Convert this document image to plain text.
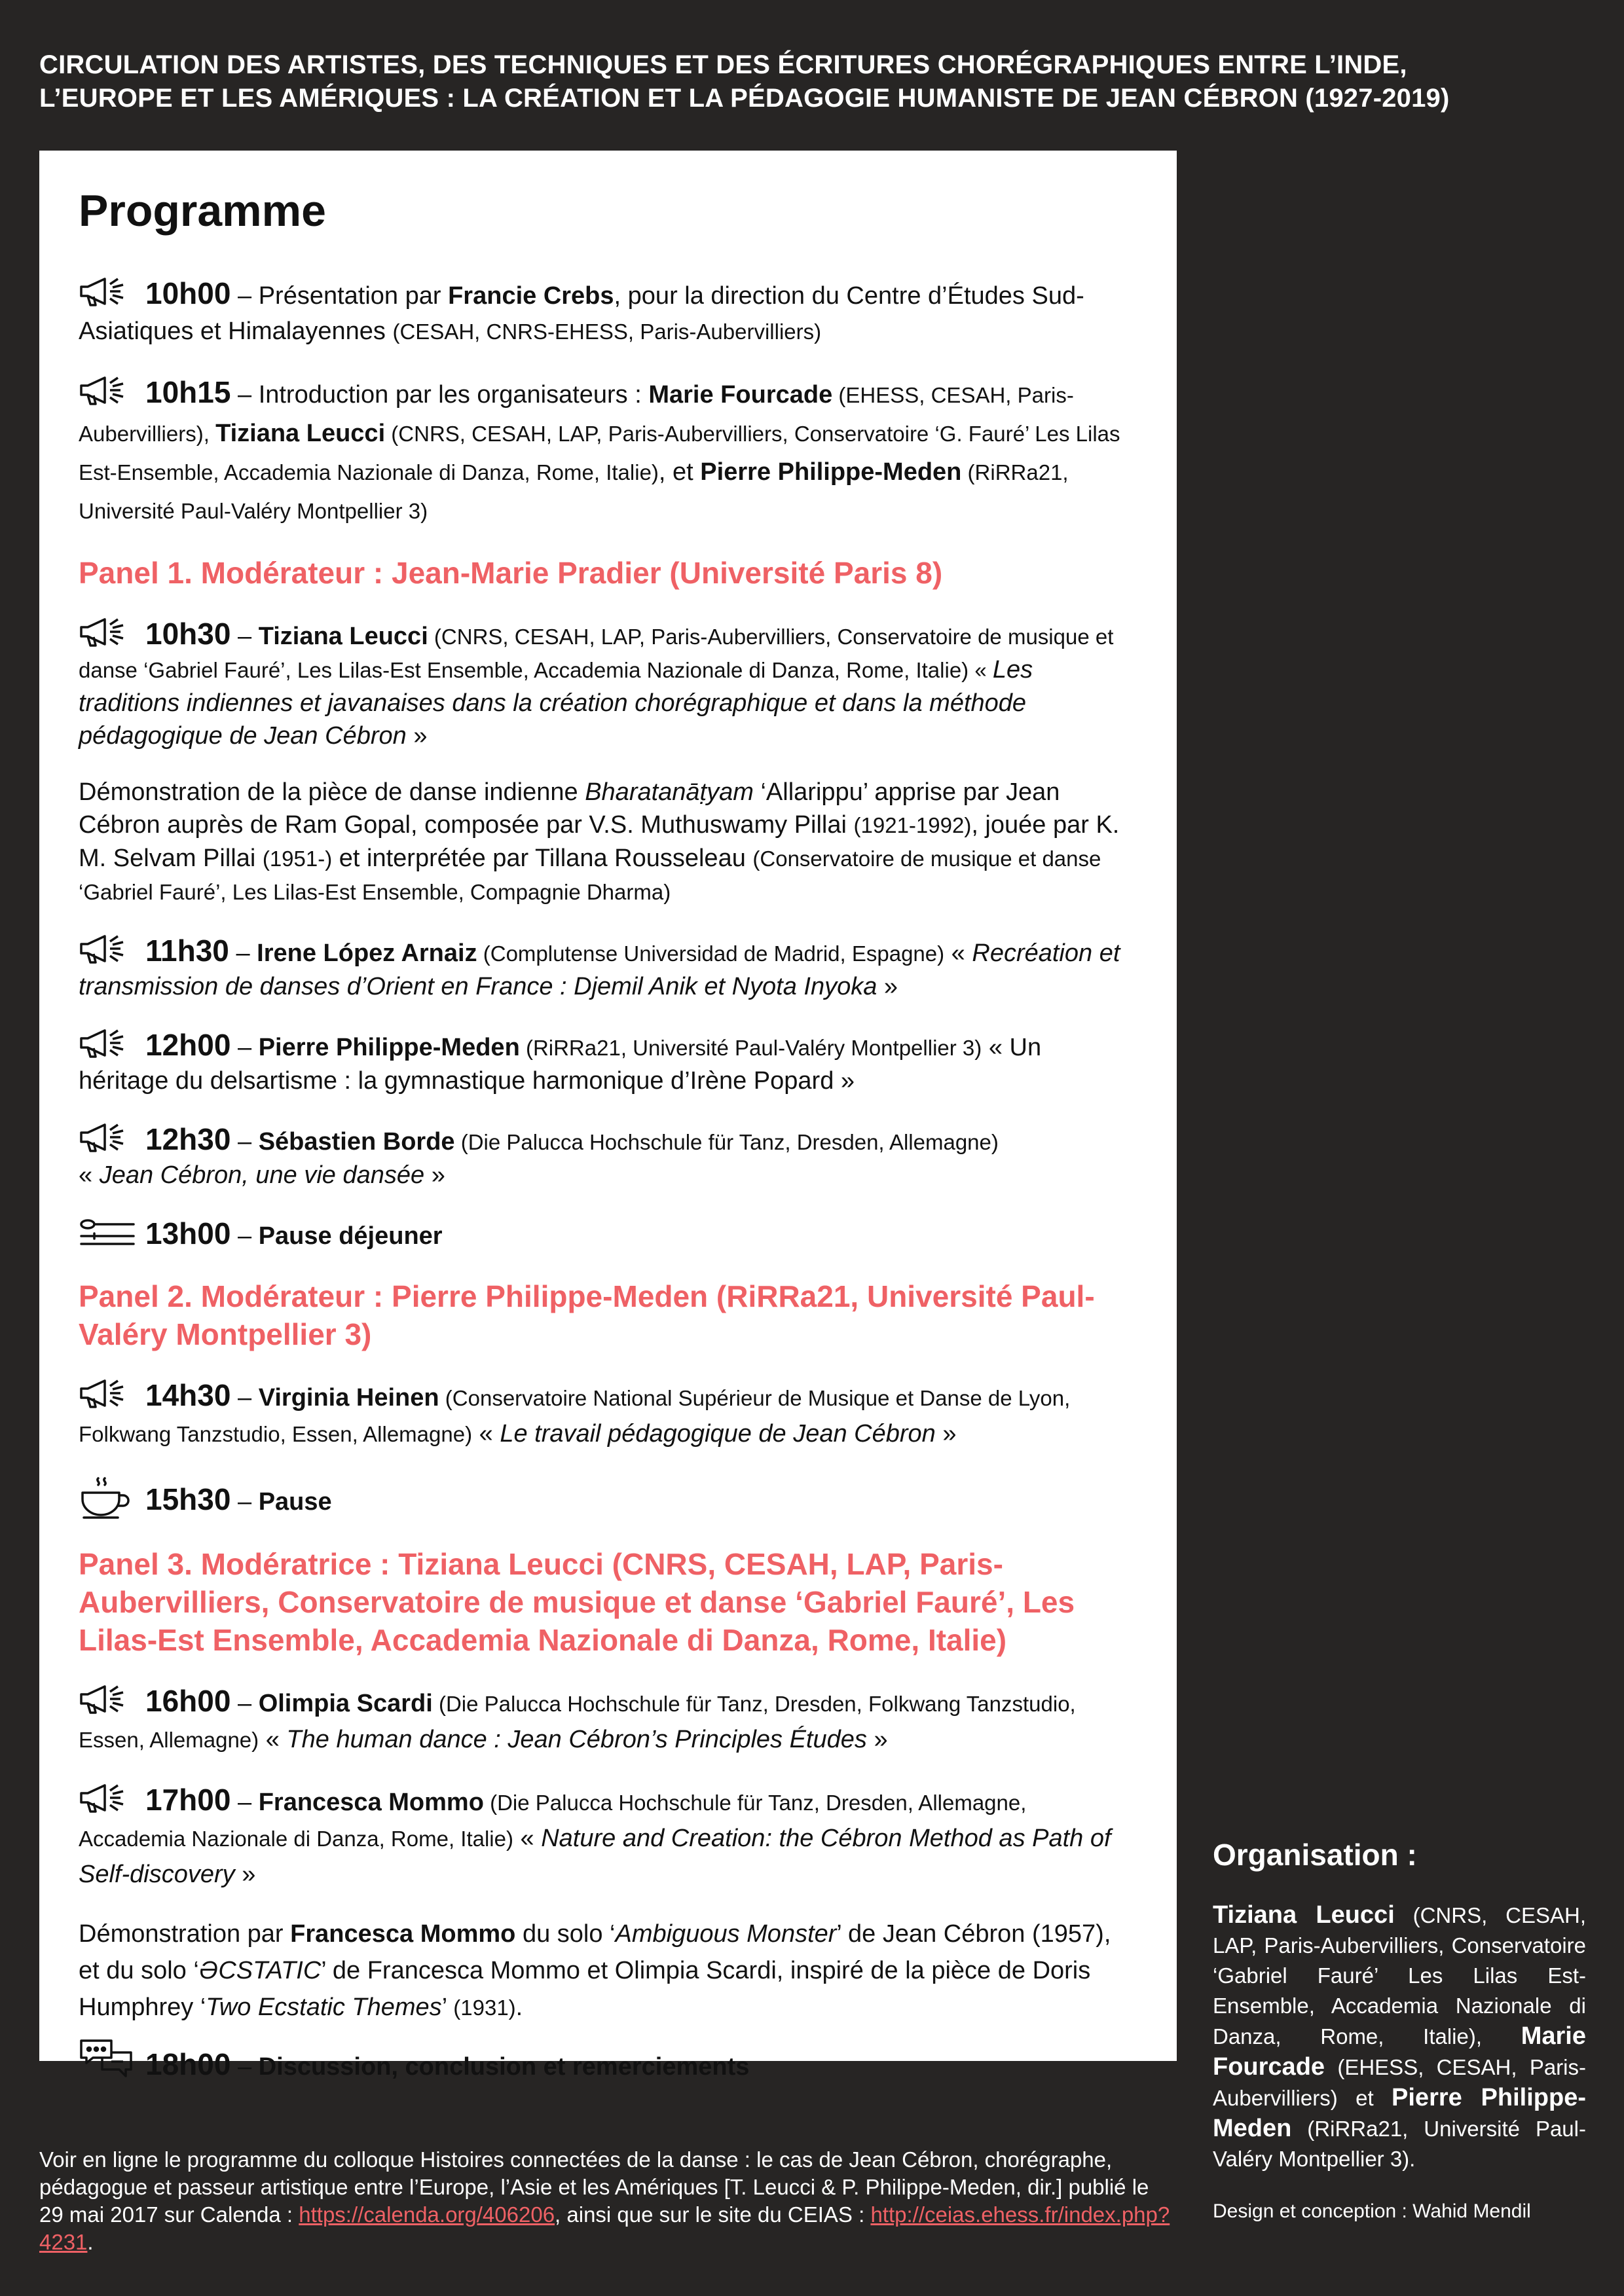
CIRCULATION DES ARTISTES, DES TECHNIQUES ET DES ÉCRITURES CHORÉGRAPHIQUES ENTRE L’INDE,
L’EUROPE ET LES AMÉRIQUES : LA CRÉATION ET LA PÉDAGOGIE HUMANISTE DE JEAN CÉBRON (1927-2019)
Programme
10h00 – Présentation par Francie Crebs, pour la direction du Centre d’Études Sud-Asiatiques et Himalayennes (CESAH, CNRS-EHESS, Paris-Aubervilliers)
10h15 – Introduction par les organisateurs : Marie Fourcade (EHESS, CESAH, Paris-Aubervilliers), Tiziana Leucci (CNRS, CESAH, LAP, Paris-Aubervilliers, Conservatoire ‘G. Fauré’ Les Lilas Est-Ensemble, Accademia Nazionale di Danza, Rome, Italie), et Pierre Philippe-Meden (RiRRa21, Université Paul-Valéry Montpellier 3)
Panel 1. Modérateur : Jean-Marie Pradier (Université Paris 8)
10h30 – Tiziana Leucci (CNRS, CESAH, LAP, Paris-Aubervilliers, Conservatoire de musique et danse ‘Gabriel Fauré’, Les Lilas-Est Ensemble, Accademia Nazionale di Danza, Rome, Italie) « Les traditions indiennes et javanaises dans la création chorégraphique et dans la méthode pédagogique de Jean Cébron »
Démonstration de la pièce de danse indienne Bharatanāṭyam ‘Allarippu’ apprise par Jean Cébron auprès de Ram Gopal, composée par V.S. Muthuswamy Pillai (1921-1992), jouée par K. M. Selvam Pillai (1951-) et interprétée par Tillana Rousseleau (Conservatoire de musique et danse ‘Gabriel Fauré’, Les Lilas-Est Ensemble, Compagnie Dharma)
11h30 – Irene López Arnaiz (Complutense Universidad de Madrid, Espagne) « Recréation et transmission de danses d’Orient en France : Djemil Anik et Nyota Inyoka »
12h00 – Pierre Philippe-Meden (RiRRa21, Université Paul-Valéry Montpellier 3) « Un héritage du delsartisme : la gymnastique harmonique d’Irène Popard »
12h30 – Sébastien Borde (Die Palucca Hochschule für Tanz, Dresden, Allemagne)
« Jean Cébron, une vie dansée »
13h00 – Pause déjeuner
Panel 2. Modérateur : Pierre Philippe-Meden (RiRRa21, Université Paul-Valéry Montpellier 3)
14h30 – Virginia Heinen (Conservatoire National Supérieur de Musique et Danse de Lyon, Folkwang Tanzstudio, Essen, Allemagne) « Le travail pédagogique de Jean Cébron »
15h30 – Pause
Panel 3. Modératrice : Tiziana Leucci (CNRS, CESAH, LAP, Paris-Aubervilliers, Conservatoire de musique et danse ‘Gabriel Fauré’, Les Lilas-Est Ensemble, Accademia Nazionale di Danza, Rome, Italie)
16h00 – Olimpia Scardi (Die Palucca Hochschule für Tanz, Dresden, Folkwang Tanzstudio, Essen, Allemagne) « The human dance : Jean Cébron’s Principles Études »
17h00 – Francesca Mommo (Die Palucca Hochschule für Tanz, Dresden, Allemagne, Accademia Nazionale di Danza, Rome, Italie) « Nature and Creation: the Cébron Method as Path of Self-discovery »
Démonstration par Francesca Mommo du solo ‘Ambiguous Monster’ de Jean Cébron (1957), et du solo ‘ƏCSTATIC’ de Francesca Mommo et Olimpia Scardi, inspiré de la pièce de Doris Humphrey ‘Two Ecstatic Themes’ (1931).
18h00 – Discussion, conclusion et remerciements
Voir en ligne le programme du colloque Histoires connectées de la danse : le cas de Jean Cébron, chorégraphe, pédagogue et passeur artistique entre l’Europe, l’Asie et les Amériques [T. Leucci & P. Philippe-Meden, dir.] publié le 29 mai 2017 sur Calenda : https://calenda.org/406206, ainsi que sur le site du CEIAS : http://ceias.ehess.fr/index.php?4231.
Organisation :
Tiziana Leucci (CNRS, CESAH, LAP, Paris-Aubervilliers, Conservatoire ‘Gabriel Fauré’ Les Lilas Est-Ensemble, Accademia Nazionale di Danza, Rome, Italie), Marie Fourcade (EHESS, CESAH, Paris-Aubervilliers) et Pierre Philippe-Meden (RiRRa21, Université Paul-Valéry Montpellier 3).
Design et conception : Wahid Mendil
